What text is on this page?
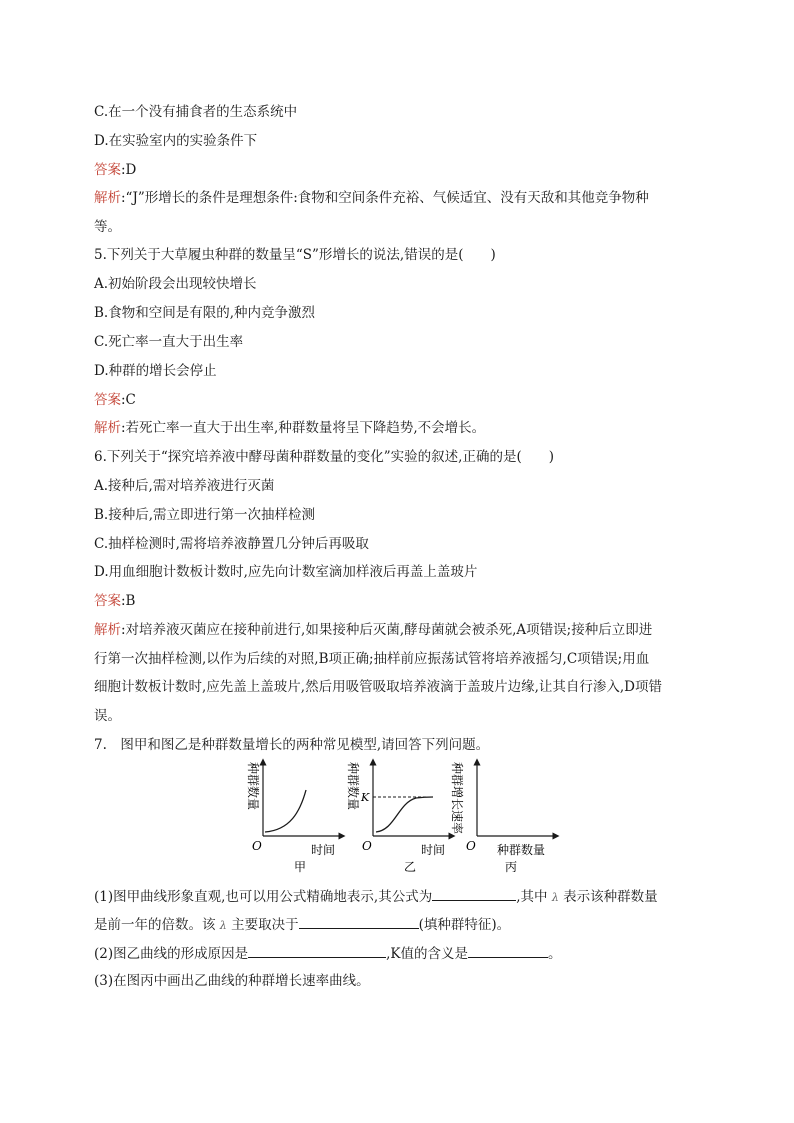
C.在一个没有捕食者的生态系统中
D.在实验室内的实验条件下
答案:D
解析:“J”形增长的条件是理想条件:食物和空间条件充裕、气候适宜、没有天敌和其他竞争物种
等。
5.下列关于大草履虫种群的数量呈“S”形增长的说法,错误的是(　　)
A.初始阶段会出现较快增长
B.食物和空间是有限的,种内竞争激烈
C.死亡率一直大于出生率
D.种群的增长会停止
答案:C
解析:若死亡率一直大于出生率,种群数量将呈下降趋势,不会增长。
6.下列关于“探究培养液中酵母菌种群数量的变化”实验的叙述,正确的是(　　)
A.接种后,需对培养液进行灭菌
B.接种后,需立即进行第一次抽样检测
C.抽样检测时,需将培养液静置几分钟后再吸取
D.用血细胞计数板计数时,应先向计数室滴加样液后再盖上盖玻片
答案:B
解析:对培养液灭菌应在接种前进行,如果接种后灭菌,酵母菌就会被杀死,A项错误;接种后立即进
行第一次抽样检测,以作为后续的对照,B项正确;抽样前应振荡试管将培养液摇匀,C项错误;用血
细胞计数板计数时,应先盖上盖玻片,然后用吸管吸取培养液滴于盖玻片边缘,让其自行渗入,D项错
误。
7.　图甲和图乙是种群数量增长的两种常见模型,请回答下列问题。
种群数量
O	时间
甲
种群数量 K
O	时间
乙
种群增长速率
O 种群数量
丙
(1)图甲曲线形象直观,也可以用公式精确地表示,其公式为	,其中 λ 表示该种群数量
是前一年的倍数。该 λ 主要取决于	(填种群特征)。
(2)图乙曲线的形成原因是	,K值的含义是	。
(3)在图丙中画出乙曲线的种群增长速率曲线。
